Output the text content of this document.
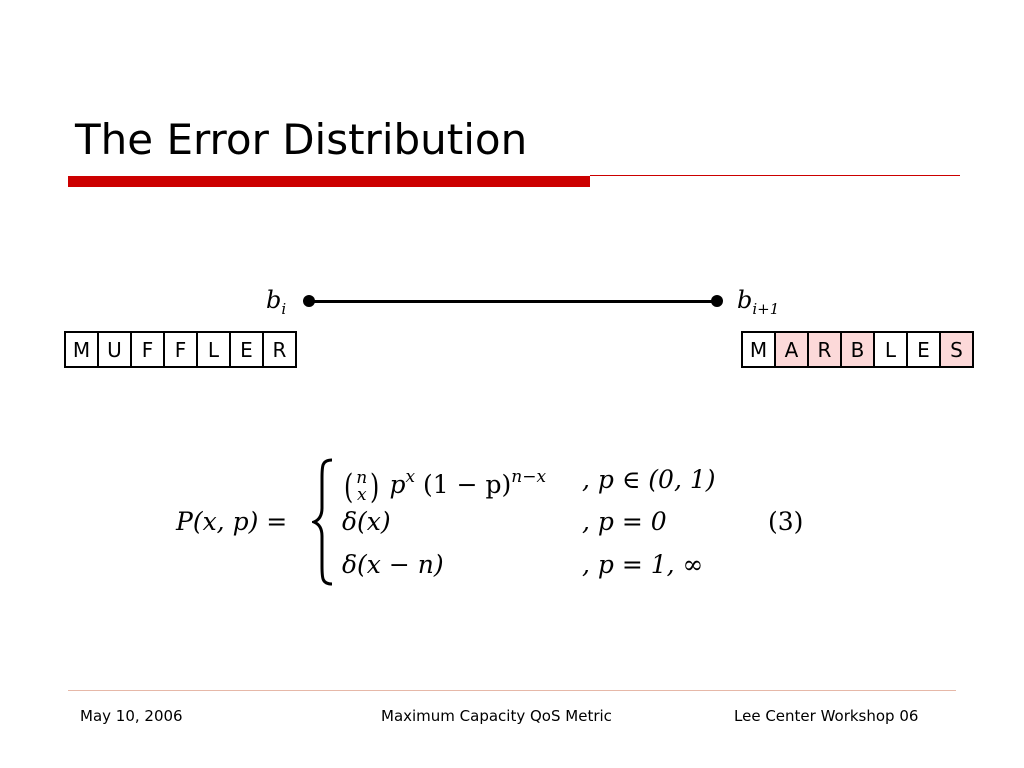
The Error Distribution
$b_i$	$b_{i+1}$
M U F	F	L	E R	M A R B	L	E	S
P(x, p) =
( n
x ) $p^x$ $(1 - p)^{n-x}$ , p ∈ (0, 1)
δ(x)	, p = 0
δ(x − n)	, p = 1, ∞
(3)
May 10, 2006	Maximum Capacity QoS Metric	Lee Center Workshop 06
